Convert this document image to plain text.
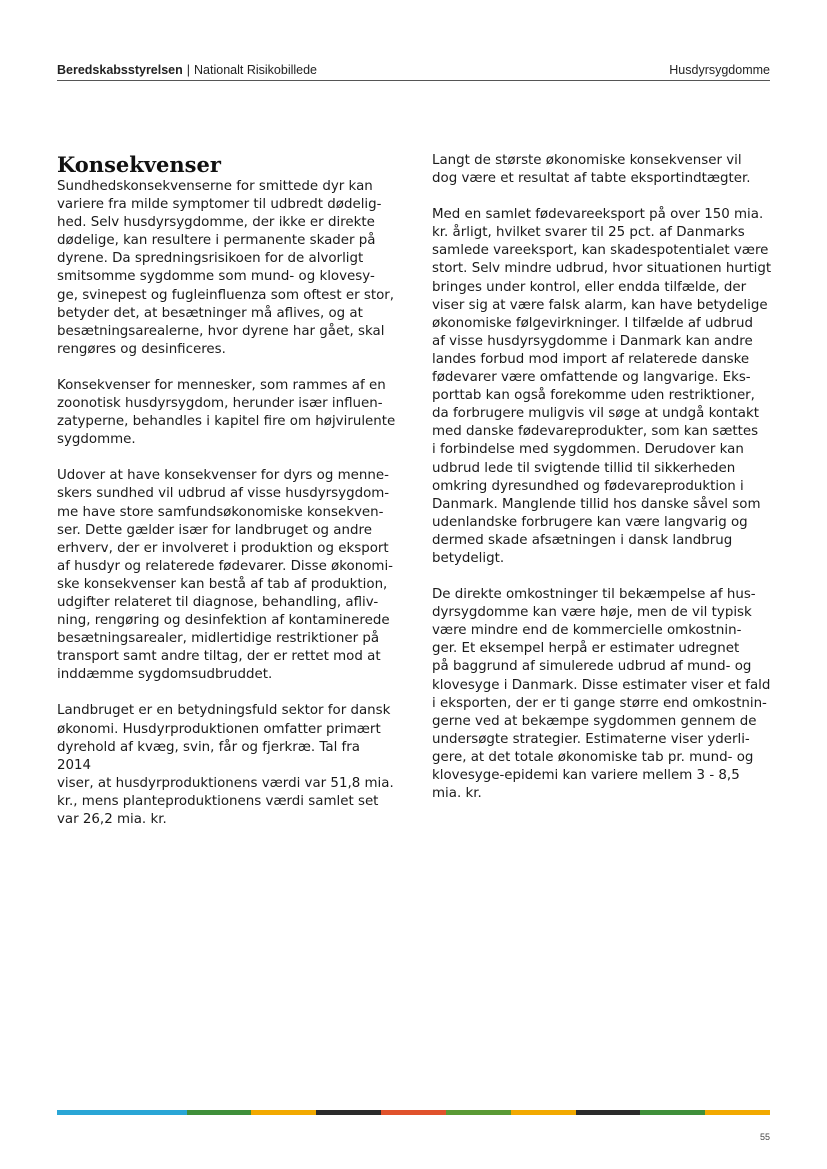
Beredskabsstyrelsen | Nationalt Risikobillede	Husdyrsygdomme
Konsekvenser

Sundhedskonsekvenserne for smittede dyr kan
variere fra milde symptomer til udbredt dødelig-
hed. Selv husdyrsygdomme, der ikke er direkte
dødelige, kan resultere i permanente skader på
dyrene. Da spredningsrisikoen for de alvorligt
smitsomme sygdomme som mund- og klovesy-
ge, svinepest og fugleinfluenza som oftest er stor,
betyder det, at besætninger må aflives, og at
besætningsarealerne, hvor dyrene har gået, skal
rengøres og desinficeres.

Konsekvenser for mennesker, som rammes af en
zoonotisk husdyrsygdom, herunder især influen-
zatyperne, behandles i kapitel fire om højvirulente
sygdomme.

Udover at have konsekvenser for dyrs og menne-
skers sundhed vil udbrud af visse husdyrsygdom-
me have store samfundsøkonomiske konsekven-
ser. Dette gælder især for landbruget og andre
erhverv, der er involveret i produktion og eksport
af husdyr og relaterede fødevarer. Disse økonomi-
ske konsekvenser kan bestå af tab af produktion,
udgifter relateret til diagnose, behandling, afliv-
ning, rengøring og desinfektion af kontaminerede
besætningsarealer, midlertidige restriktioner på
transport samt andre tiltag, der er rettet mod at
inddæmme sygdomsudbruddet.

Landbruget er en betydningsfuld sektor for dansk
økonomi. Husdyrproduktionen omfatter primært
dyrehold af kvæg, svin, får og fjerkræ. Tal fra 2014
viser, at husdyrproduktionens værdi var 51,8 mia.
kr., mens planteproduktionens værdi samlet set
var 26,2 mia. kr.

Langt de største økonomiske konsekvenser vil
dog være et resultat af tabte eksportindtægter.

Med en samlet fødevareeksport på over 150 mia.
kr. årligt, hvilket svarer til 25 pct. af Danmarks
samlede vareeksport, kan skadespotentialet være
stort. Selv mindre udbrud, hvor situationen hurtigt
bringes under kontrol, eller endda tilfælde, der
viser sig at være falsk alarm, kan have betydelige
økonomiske følgevirkninger. I tilfælde af udbrud
af visse husdyrsygdomme i Danmark kan andre
landes forbud mod import af relaterede danske
fødevarer være omfattende og langvarige. Eks-
porttab kan også forekomme uden restriktioner,
da forbrugere muligvis vil søge at undgå kontakt
med danske fødevareprodukter, som kan sættes
i forbindelse med sygdommen. Derudover kan
udbrud lede til svigtende tillid til sikkerheden
omkring dyresundhed og fødevareproduktion i
Danmark. Manglende tillid hos danske såvel som
udenlandske forbrugere kan være langvarig og
dermed skade afsætningen i dansk landbrug
betydeligt.

De direkte omkostninger til bekæmpelse af hus-
dyrsygdomme kan være høje, men de vil typisk
være mindre end de kommercielle omkostnin-
ger. Et eksempel herpå er estimater udregnet
på baggrund af simulerede udbrud af mund- og
klovesyge i Danmark. Disse estimater viser et fald
i eksporten, der er ti gange større end omkostnin-
gerne ved at bekæmpe sygdommen gennem de
undersøgte strategier. Estimaterne viser yderli-
gere, at det totale økonomiske tab pr. mund- og
klovesyge-epidemi kan variere mellem 3 - 8,5
mia. kr.

55
